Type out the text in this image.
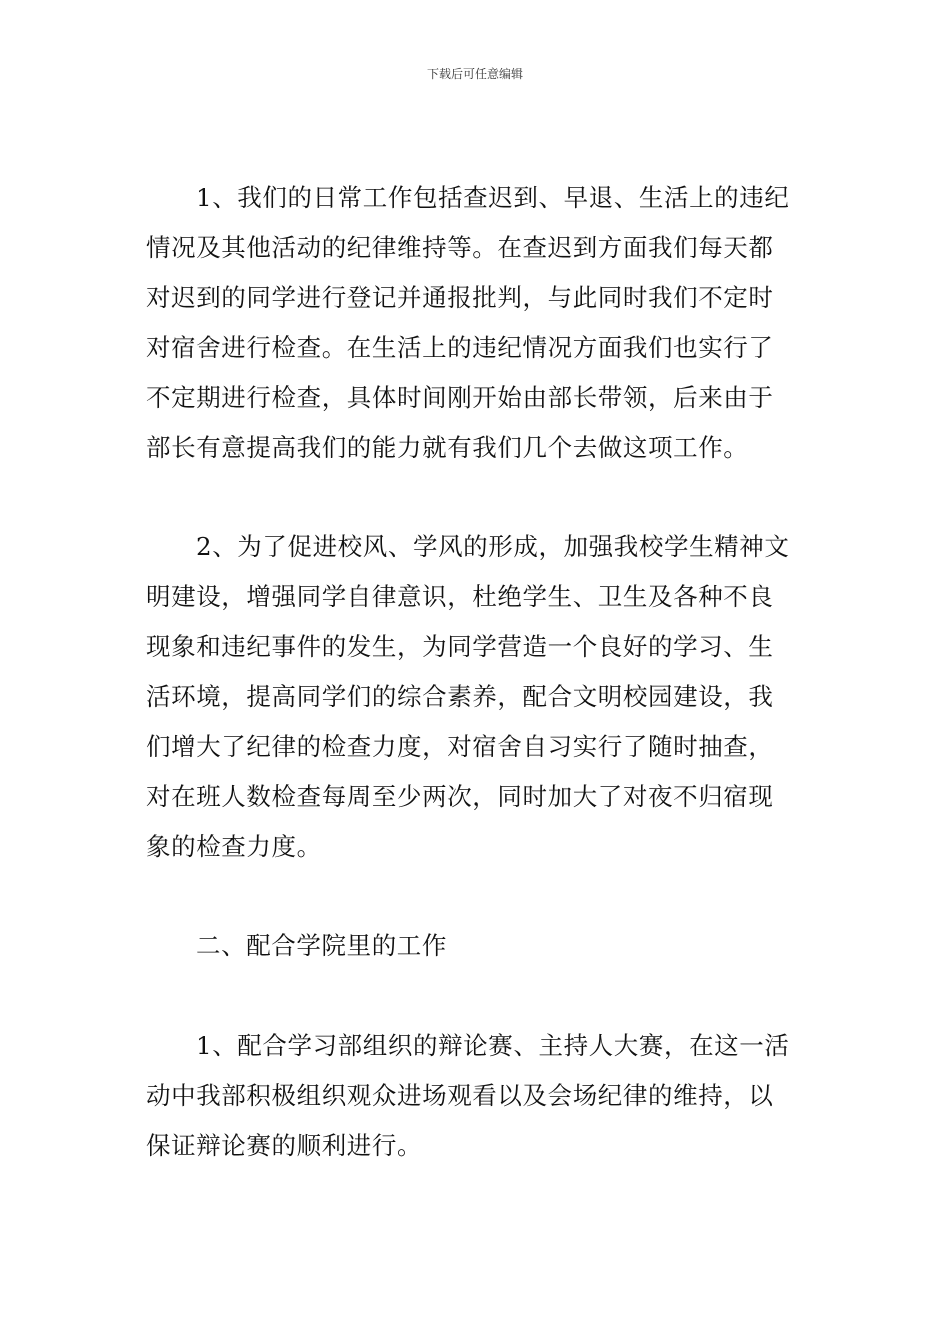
下载后可任意编辑
1、我们的日常工作包括查迟到、早退、生活上的违纪
情况及其他活动的纪律维持等。在查迟到方面我们每天都
对迟到的同学进行登记并通报批判，与此同时我们不定时
对宿舍进行检查。在生活上的违纪情况方面我们也实行了
不定期进行检查，具体时间刚开始由部长带领，后来由于
部长有意提高我们的能力就有我们几个去做这项工作。
2、为了促进校风、学风的形成，加强我校学生精神文
明建设，增强同学自律意识，杜绝学生、卫生及各种不良
现象和违纪事件的发生，为同学营造一个良好的学习、生
活环境，提高同学们的综合素养，配合文明校园建设，我
们增大了纪律的检查力度，对宿舍自习实行了随时抽查，
对在班人数检查每周至少两次，同时加大了对夜不归宿现
象的检查力度。
二、配合学院里的工作
1、配合学习部组织的辩论赛、主持人大赛，在这一活
动中我部积极组织观众进场观看以及会场纪律的维持，以
保证辩论赛的顺利进行。
